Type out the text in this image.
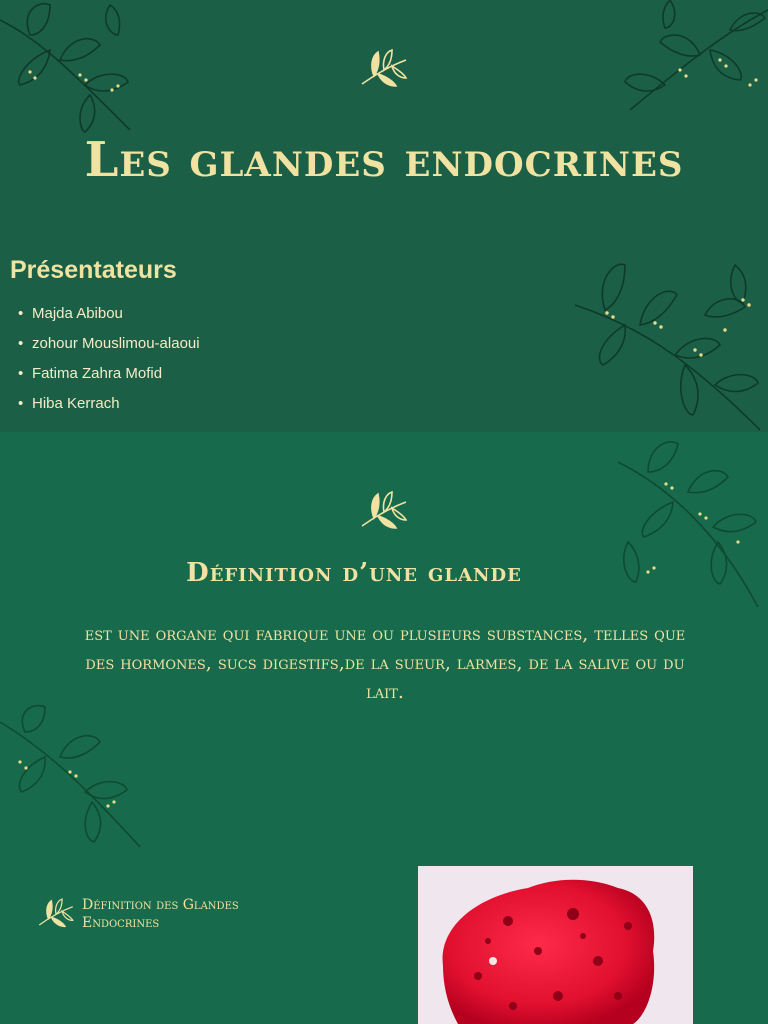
Les glandes endocrines
Présentateurs
• Majda Abibou
• zohour Mouslimou-alaoui
• Fatima Zahra Mofid
• Hiba Kerrach
Définition d’une glande

est une organe qui fabrique une ou plusieurs substances, telles que des hormones, sucs digestifs,de la sueur, larmes, de la salive ou du lait.

Définition des Glandes Endocrines
